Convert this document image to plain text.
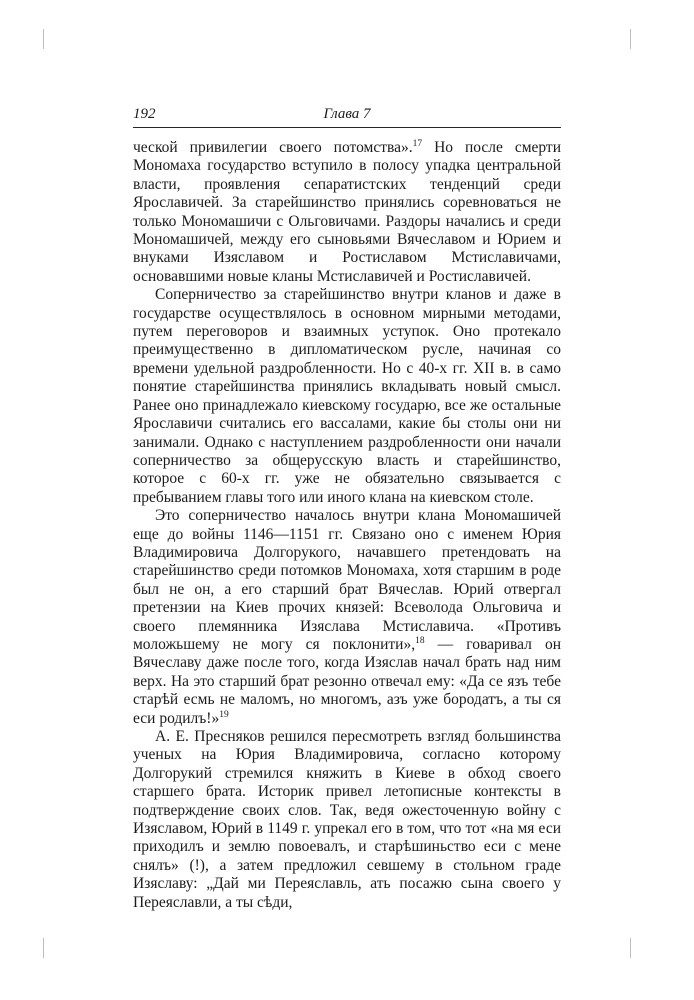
192	Глава 7

ческой привилегии своего потомства».$^{17}$ Но после смерти Мономаха государство вступило в полосу упадка центральной власти, проявления сепаратистских тенденций среди Ярославичей. За старейшинство принялись соревноваться не только Мономашичи с Ольговичами. Раздоры начались и среди Мономашичей, между его сыновьями Вячеславом и Юрием и внуками Изяславом и Ростиславом Мстиславичами, основавшими новые кланы Мстиславичей и Ростиславичей.

Соперничество за старейшинство внутри кланов и даже в государстве осуществлялось в основном мирными методами, путем переговоров и взаимных уступок. Оно протекало преимущественно в дипломатическом русле, начиная со времени удельной раздробленности. Но с 40-х гг. XII в. в само понятие старейшинства принялись вкладывать новый смысл. Ранее оно принадлежало киевскому государю, все же остальные Ярославичи считались его вассалами, какие бы столы они ни занимали. Однако с наступлением раздробленности они начали соперничество за общерусскую власть и старейшинство, которое с 60-х гг. уже не обязательно связывается с пребыванием главы того или иного клана на киевском столе.

Это соперничество началось внутри клана Мономашичей еще до войны 1146—1151 гг. Связано оно с именем Юрия Владимировича Долгорукого, начавшего претендовать на старейшинство среди потомков Мономаха, хотя старшим в роде был не он, а его старший брат Вячеслав. Юрий отвергал претензии на Киев прочих князей: Всеволода Ольговича и своего племянника Изяслава Мстиславича. «Противъ моложьшему не могу ся поклонити»,$^{18}$ — говаривал он Вячеславу даже после того, когда Изяслав начал брать над ним верх. На это старший брат резонно отвечал ему: «Да се язъ тебе старѣй есмь не маломъ, но многомъ, азъ уже бородатъ, а ты ся еси родилъ!»$^{19}$

А. Е. Пресняков решился пересмотреть взгляд большинства ученых на Юрия Владимировича, согласно которому Долгорукий стремился княжить в Киеве в обход своего старшего брата. Историк привел летописные контексты в подтверждение своих слов. Так, ведя ожесточенную войну с Изяславом, Юрий в 1149 г. упрекал его в том, что тот «на мя еси приходилъ и землю повоевалъ, и старѣшиньство еси с мене снялъ» (!), а затем предложил севшему в стольном граде Изяславу: „Дай ми Переяславль, ать посажю сына своего у Переяславли, а ты сѣди,
